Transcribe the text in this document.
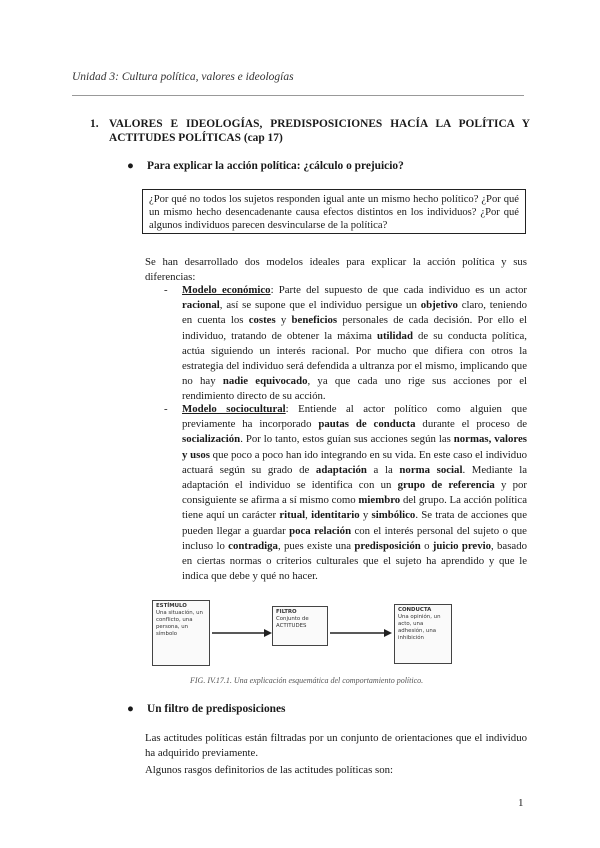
Unidad 3: Cultura política, valores e ideologías
1. VALORES E IDEOLOGÍAS, PREDISPOSICIONES HACÍA LA POLÍTICA Y ACTITUDES POLÍTICAS (cap 17)
● Para explicar la acción política: ¿cálculo o prejuicio?
¿Por qué no todos los sujetos responden igual ante un mismo hecho político? ¿Por qué un mismo hecho desencadenante causa efectos distintos en los individuos? ¿Por qué algunos individuos parecen desvincularse de la política?
Se han desarrollado dos modelos ideales para explicar la acción política y sus diferencias:
- Modelo económico: Parte del supuesto de que cada individuo es un actor racional, así se supone que el individuo persigue un objetivo claro, teniendo en cuenta los costes y beneficios personales de cada decisión. Por ello el individuo, tratando de obtener la máxima utilidad de su conducta política, actúa siguiendo un interés racional. Por mucho que difiera con otros la estrategia del individuo será defendida a ultranza por el mismo, implicando que no hay nadie equivocado, ya que cada uno rige sus acciones por el rendimiento directo de su acción.
- Modelo sociocultural: Entiende al actor político como alguien que previamente ha incorporado pautas de conducta durante el proceso de socialización. Por lo tanto, estos guían sus acciones según las normas, valores y usos que poco a poco han ido integrando en su vida. En este caso el individuo actuará según su grado de adaptación a la norma social. Mediante la adaptación el individuo se identifica con un grupo de referencia y por consiguiente se afirma a sí mismo como miembro del grupo. La acción política tiene aquí un carácter ritual, identitario y simbólico. Se trata de acciones que pueden llegar a guardar poca relación con el interés personal del sujeto o que incluso lo contradiga, pues existe una predisposición o juicio previo, basado en ciertas normas o criterios culturales que el sujeto ha aprendido y que le indica que debe y qué no hacer.
ESTÍMULO
Una situación, un conflicto, una persona, un símbolo
FILTRO
Conjunto de ACTITUDES
CONDUCTA
Una opinión, un acto, una adhesión, una inhibición
FIG. IV.17.1. Una explicación esquemática del comportamiento político.
● Un filtro de predisposiciones
Las actitudes políticas están filtradas por un conjunto de orientaciones que el individuo ha adquirido previamente.
Algunos rasgos definitorios de las actitudes políticas son:
1
